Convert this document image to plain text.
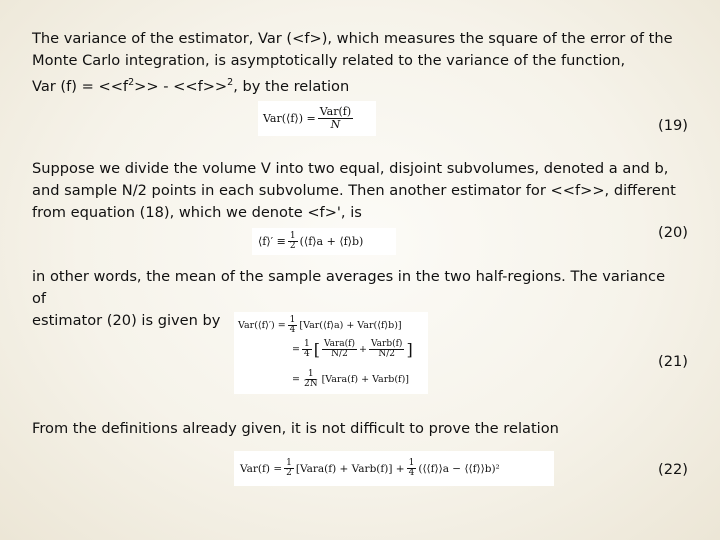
The variance of the estimator, Var (<f>), which measures the square of the error of the
Monte Carlo integration, is asymptotically related to the variance of the function,
Var $(f) = <<f^2>> - <<f>>^2$, by the relation

Var(⟨f⟩) = $\frac{\text{Var(f)}}{N}$	(19)

Suppose we divide the volume V into two equal, disjoint subvolumes, denoted a and b,
and sample N/2 points in each subvolume. Then another estimator for <<f>>, different
from equation (18), which we denote <f>', is

⟨f⟩′ ≡ $\frac{1}{2}$ (⟨f⟩a + ⟨f⟩b)
(20)

in other words, the mean of the sample averages in the two half-regions. The variance of
estimator (20) is given by	Var(⟨f⟩′) = $\frac{1}{4}$ [Var(⟨f⟩a) + Var(⟨f⟩b)]
= $\frac{1}{4}$ [ $\frac{\text{Vara(f)}}{N/2} + \frac{\text{Varb(f)}}{N/2}$ ]
= $\frac{1}{2N}$ [Vara(f) + Varb(f)]
(21)

From the definitions already given, it is not difficult to prove the relation

$Var(f) = \frac{1}{2}$ [Vara(f) + Varb(f)] + $\frac{1}{4}$ (⟨⟨f⟩⟩a − ⟨⟨f⟩⟩b)²	(22)
